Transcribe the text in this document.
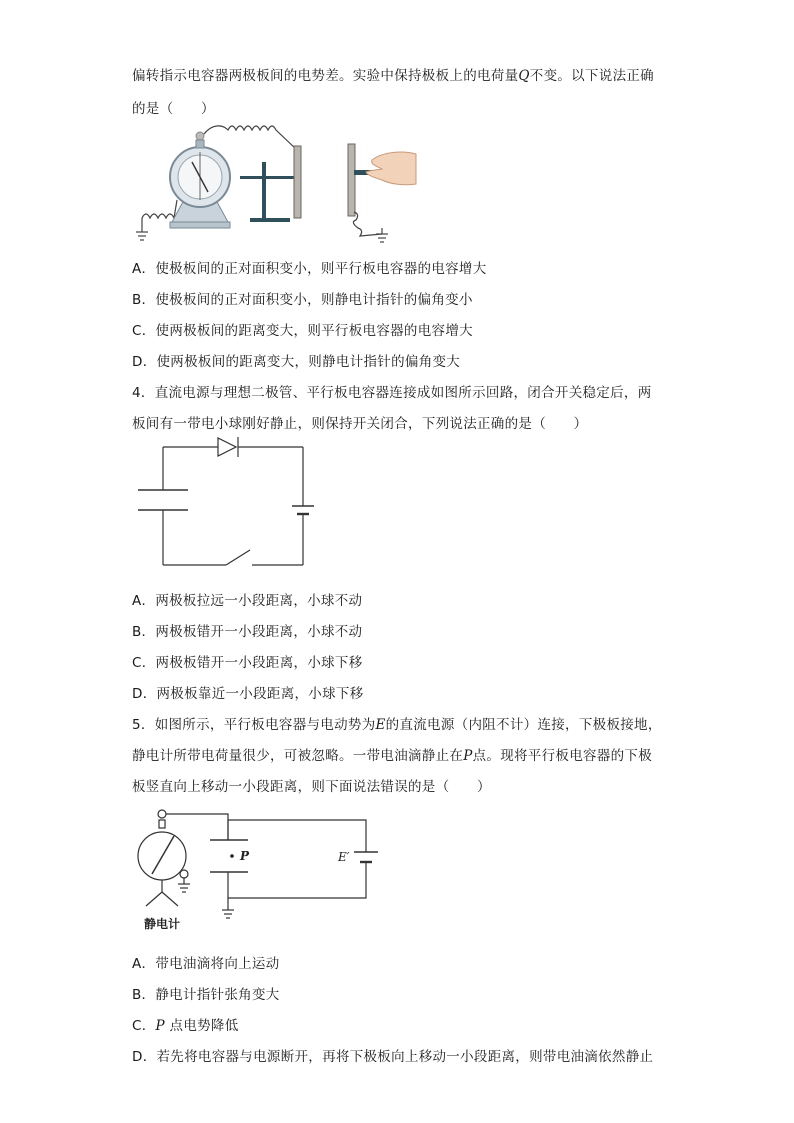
偏转指示电容器两极板间的电势差。实验中保持极板上的电荷量Q不变。以下说法正确
的是（　　）
A．使极板间的正对面积变小，则平行板电容器的电容增大
B．使极板间的正对面积变小，则静电计指针的偏角变小
C．使两极板间的距离变大，则平行板电容器的电容增大
D．使两极板间的距离变大，则静电计指针的偏角变大
4．直流电源与理想二极管、平行板电容器连接成如图所示回路，闭合开关稳定后，两
板间有一带电小球刚好静止，则保持开关闭合，下列说法正确的是（　　）
A．两极板拉远一小段距离，小球不动
B．两极板错开一小段距离，小球不动
C．两极板错开一小段距离，小球下移
D．两极板靠近一小段距离，小球下移
5．如图所示，平行板电容器与电动势为E的直流电源（内阻不计）连接，下极板接地，
静电计所带电荷量很少，可被忽略。一带电油滴静止在P点。现将平行板电容器的下极
板竖直向上移动一小段距离，则下面说法错误的是（　　）
P	E′
静电计
A．带电油滴将向上运动
B．静电计指针张角变大
C．P 点电势降低
D．若先将电容器与电源断开，再将下极板向上移动一小段距离，则带电油滴依然静止
